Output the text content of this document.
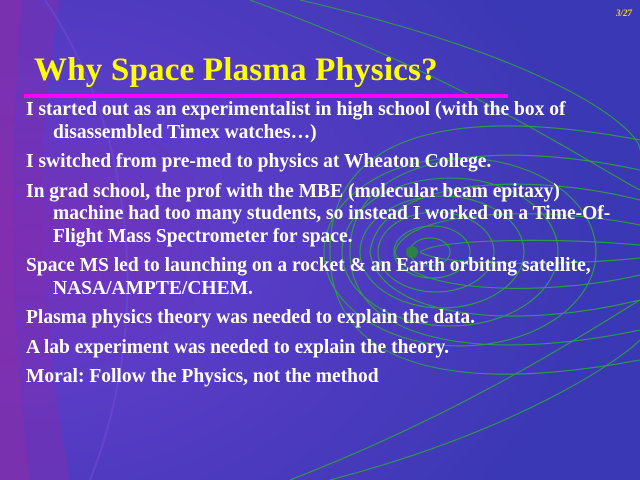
3/27
Why Space Plasma Physics?
I started out as an experimentalist in high school (with the box of disassembled Timex watches…)
I switched from pre-med to physics at Wheaton College.
In grad school, the prof with the MBE (molecular beam epitaxy) machine had too many students, so instead I worked on a Time-Of-Flight Mass Spectrometer for space.
Space MS led to launching on a rocket & an Earth orbiting satellite, NASA/AMPTE/CHEM.
Plasma physics theory was needed to explain the data.
A lab experiment was needed to explain the theory.
Moral: Follow the Physics, not the method
